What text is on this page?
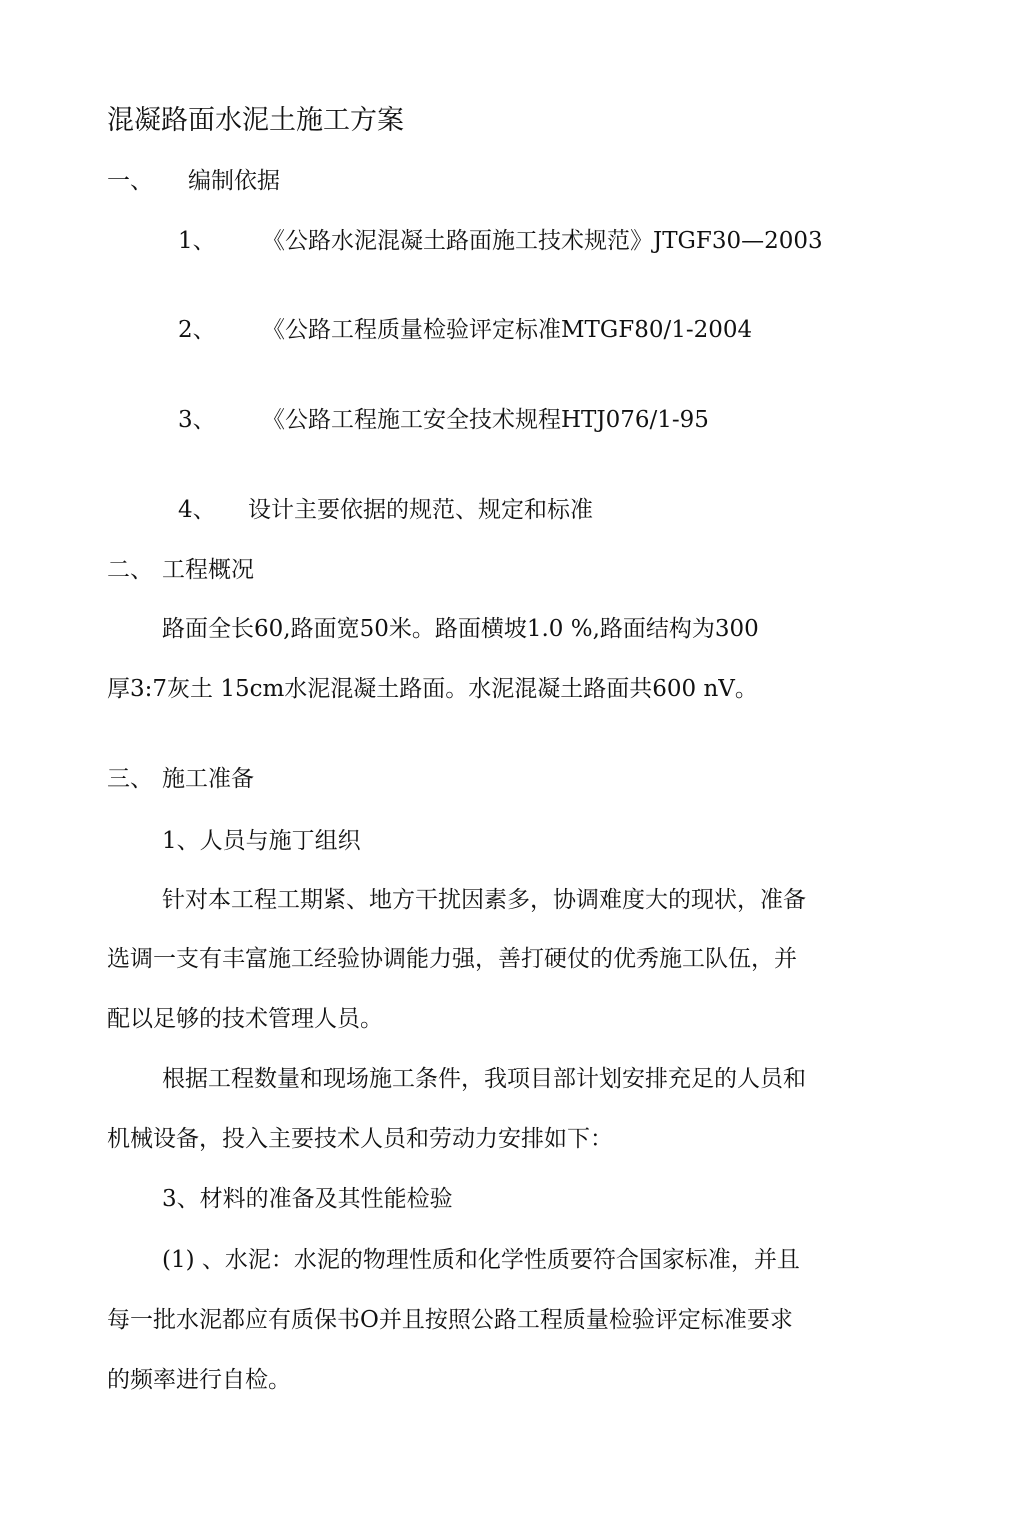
混凝路面水泥土施工方案
一、 编制依据
1、 《公路水泥混凝土路面施工技术规范》JTGF30—2003
2、 《公路工程质量检验评定标准MTGF80/1-2004
3、 《公路工程施工安全技术规程HTJ076/1-95
4、 设计主要依据的规范、规定和标准
二、 工程概况
路面全长60,路面宽50米。路面横坡1.0 %,路面结构为300
厚3:7灰土 15cm水泥混凝土路面。水泥混凝土路面共600 nV。
三、 施工准备
1、人员与施丁组织
针对本工程工期紧、地方干扰因素多，协调难度大的现状，准备
选调一支有丰富施工经验协调能力强，善打硬仗的优秀施工队伍，并
配以足够的技术管理人员。
根据工程数量和现场施工条件，我项目部计划安排充足的人员和
机械设备，投入主要技术人员和劳动力安排如下：
3、材料的准备及其性能检验
(1) 、水泥：水泥的物理性质和化学性质要符合国家标准，并且
每一批水泥都应有质保书O并且按照公路工程质量检验评定标准要求
的频率进行自检。
